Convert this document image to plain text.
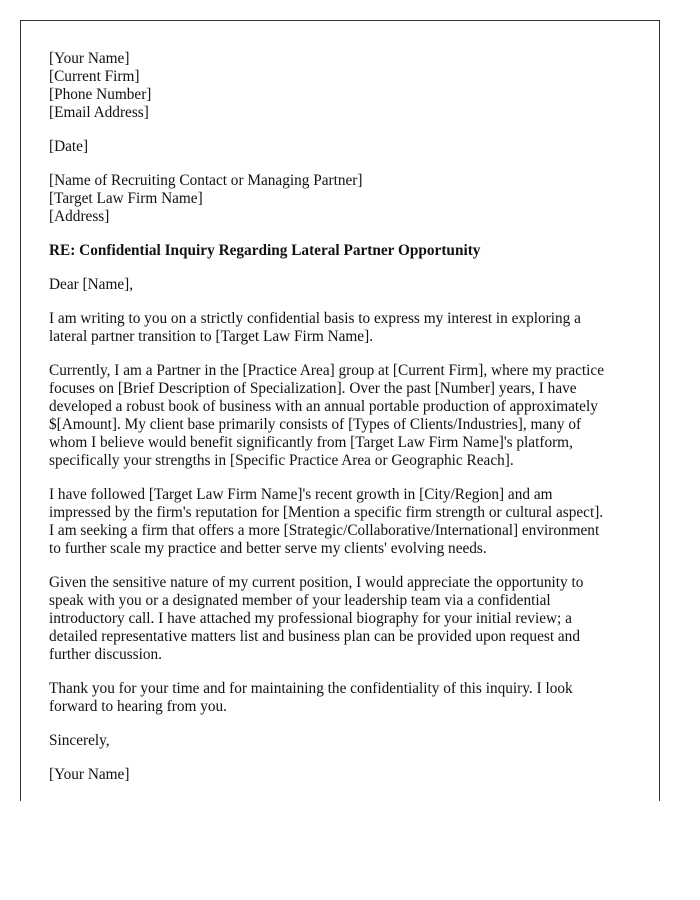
[Your Name]
[Current Firm]
[Phone Number]
[Email Address]
[Date]
[Name of Recruiting Contact or Managing Partner]
[Target Law Firm Name]
[Address]
RE: Confidential Inquiry Regarding Lateral Partner Opportunity
Dear [Name],
I am writing to you on a strictly confidential basis to express my interest in exploring a
lateral partner transition to [Target Law Firm Name].
Currently, I am a Partner in the [Practice Area] group at [Current Firm], where my practice
focuses on [Brief Description of Specialization]. Over the past [Number] years, I have
developed a robust book of business with an annual portable production of approximately
$[Amount]. My client base primarily consists of [Types of Clients/Industries], many of
whom I believe would benefit significantly from [Target Law Firm Name]'s platform,
specifically your strengths in [Specific Practice Area or Geographic Reach].
I have followed [Target Law Firm Name]'s recent growth in [City/Region] and am
impressed by the firm's reputation for [Mention a specific firm strength or cultural aspect].
I am seeking a firm that offers a more [Strategic/Collaborative/International] environment
to further scale my practice and better serve my clients' evolving needs.
Given the sensitive nature of my current position, I would appreciate the opportunity to
speak with you or a designated member of your leadership team via a confidential
introductory call. I have attached my professional biography for your initial review; a
detailed representative matters list and business plan can be provided upon request and
further discussion.
Thank you for your time and for maintaining the confidentiality of this inquiry. I look
forward to hearing from you.
Sincerely,
[Your Name]
